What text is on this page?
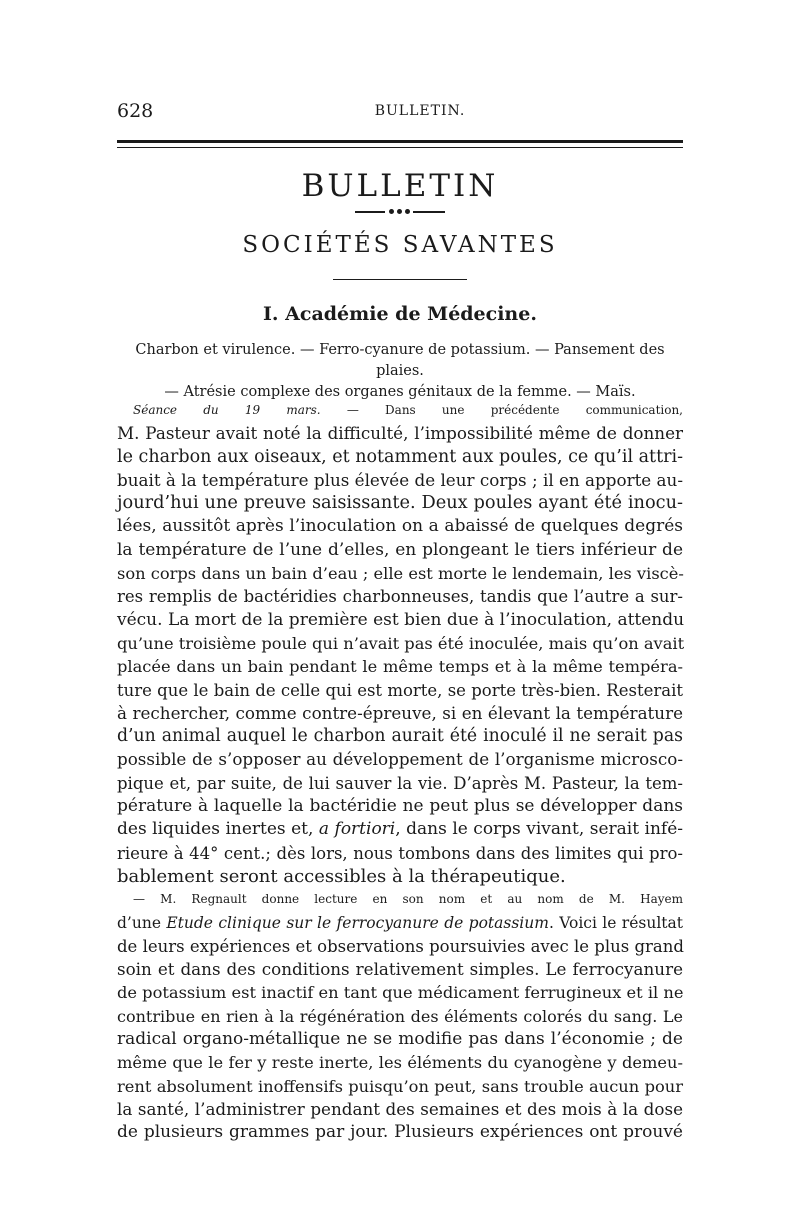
628	BULLETIN.
BULLETIN
SOCIÉTÉS SAVANTES
I. Académie de Médecine.
Charbon et virulence. — Ferro-cyanure de potassium. — Pansement des plaies.
— Atrésie complexe des organes génitaux de la femme. — Maïs.
Séance du 19 mars. — Dans une précédente communication,
M. Pasteur avait noté la difficulté, l’impossibilité même de donner
le charbon aux oiseaux, et notamment aux poules, ce qu’il attri-
buait à la température plus élevée de leur corps ; il en apporte au-
jourd’hui une preuve saisissante. Deux poules ayant été inocu-
lées, aussitôt après l’inoculation on a abaissé de quelques degrés
la température de l’une d’elles, en plongeant le tiers inférieur de
son corps dans un bain d’eau ; elle est morte le lendemain, les viscè-
res remplis de bactéridies charbonneuses, tandis que l’autre a sur-
vécu. La mort de la première est bien due à l’inoculation, attendu
qu’une troisième poule qui n’avait pas été inoculée, mais qu’on avait
placée dans un bain pendant le même temps et à la même tempéra-
ture que le bain de celle qui est morte, se porte très-bien. Resterait
à rechercher, comme contre-épreuve, si en élevant la température
d’un animal auquel le charbon aurait été inoculé il ne serait pas
possible de s’opposer au développement de l’organisme microsco-
pique et, par suite, de lui sauver la vie. D’après M. Pasteur, la tem-
pérature à laquelle la bactéridie ne peut plus se développer dans
des liquides inertes et, a fortiori, dans le corps vivant, serait infé-
rieure à 44° cent.; dès lors, nous tombons dans des limites qui pro-
bablement seront accessibles à la thérapeutique.
— M. Regnault donne lecture en son nom et au nom de M. Hayem
d’une Etude clinique sur le ferrocyanure de potassium. Voici le résultat
de leurs expériences et observations poursuivies avec le plus grand
soin et dans des conditions relativement simples. Le ferrocyanure
de potassium est inactif en tant que médicament ferrugineux et il ne
contribue en rien à la régénération des éléments colorés du sang. Le
radical organo-métallique ne se modifie pas dans l’économie ; de
même que le fer y reste inerte, les éléments du cyanogène y demeu-
rent absolument inoffensifs puisqu’on peut, sans trouble aucun pour
la santé, l’administrer pendant des semaines et des mois à la dose
de plusieurs grammes par jour. Plusieurs expériences ont prouvé
